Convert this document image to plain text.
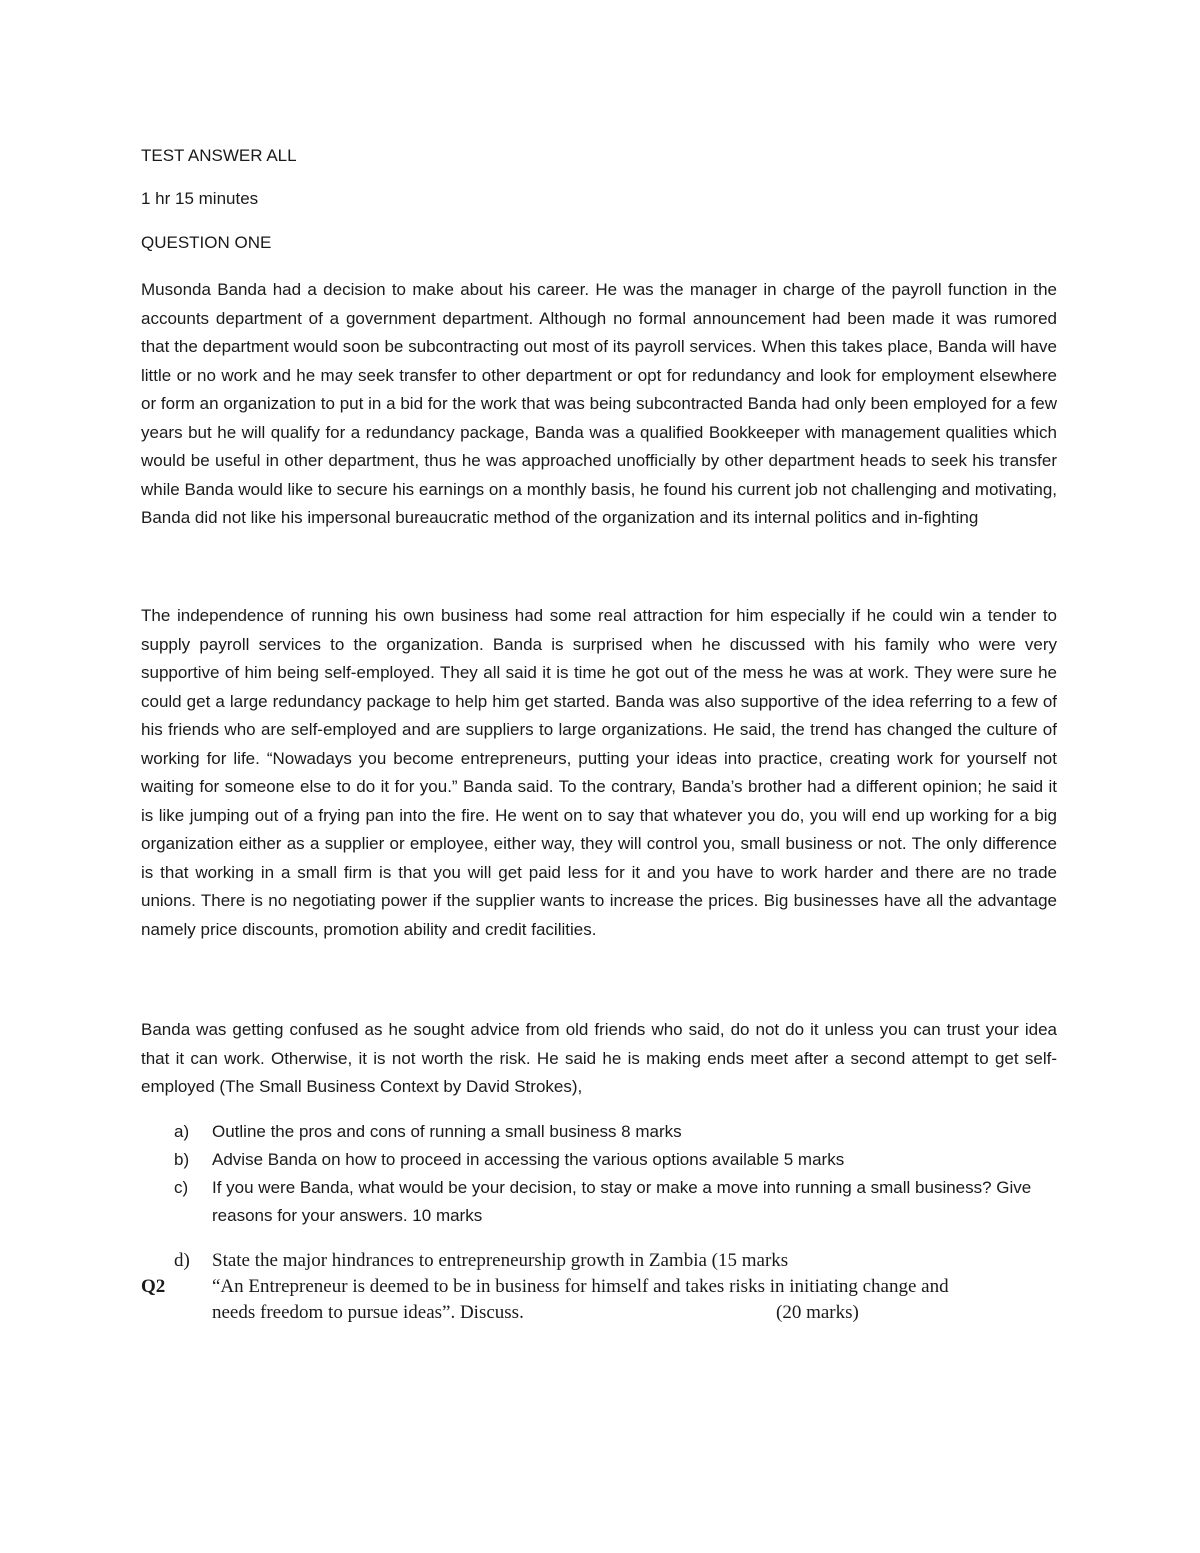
TEST ANSWER ALL

1 hr 15 minutes

QUESTION ONE

Musonda Banda had a decision to make about his career. He was the manager in charge of the payroll function in the accounts department of a government department. Although no formal announcement had been made it was rumored that the department would soon be subcontracting out most of its payroll services. When this takes place, Banda will have little or no work and he may seek transfer to other department or opt for redundancy and look for employment elsewhere or form an organization to put in a bid for the work that was being subcontracted Banda had only been employed for a few years but he will qualify for a redundancy package, Banda was a qualified Bookkeeper with management qualities which would be useful in other department, thus he was approached unofficially by other department heads to seek his transfer while Banda would like to secure his earnings on a monthly basis, he found his current job not challenging and motivating, Banda did not like his impersonal bureaucratic method of the organization and its internal politics and in-fighting

The independence of running his own business had some real attraction for him especially if he could win a tender to supply payroll services to the organization. Banda is surprised when he discussed with his family who were very supportive of him being self-employed. They all said it is time he got out of the mess he was at work. They were sure he could get a large redundancy package to help him get started. Banda was also supportive of the idea referring to a few of his friends who are self-employed and are suppliers to large organizations. He said, the trend has changed the culture of working for life. “Nowadays you become entrepreneurs, putting your ideas into practice, creating work for yourself not waiting for someone else to do it for you.” Banda said. To the contrary, Banda’s brother had a different opinion; he said it is like jumping out of a frying pan into the fire. He went on to say that whatever you do, you will end up working for a big organization either as a supplier or employee, either way, they will control you, small business or not. The only difference is that working in a small firm is that you will get paid less for it and you have to work harder and there are no trade unions. There is no negotiating power if the supplier wants to increase the prices. Big businesses have all the advantage namely price discounts, promotion ability and credit facilities.

Banda was getting confused as he sought advice from old friends who said, do not do it unless you can trust your idea that it can work. Otherwise, it is not worth the risk. He said he is making ends meet after a second attempt to get self- employed (The Small Business Context by David Strokes),

a) Outline the pros and cons of running a small business 8 marks
b) Advise Banda on how to proceed in accessing the various options available 5 marks
c) If you were Banda, what would be your decision, to stay or make a move into running a small business? Give reasons for your answers. 10 marks
d) State the major hindrances to entrepreneurship growth in Zambia (15 marks
Q2	“An Entrepreneur is deemed to be in business for himself and takes risks in initiating change and
needs freedom to pursue ideas”. Discuss.	(20 marks)
